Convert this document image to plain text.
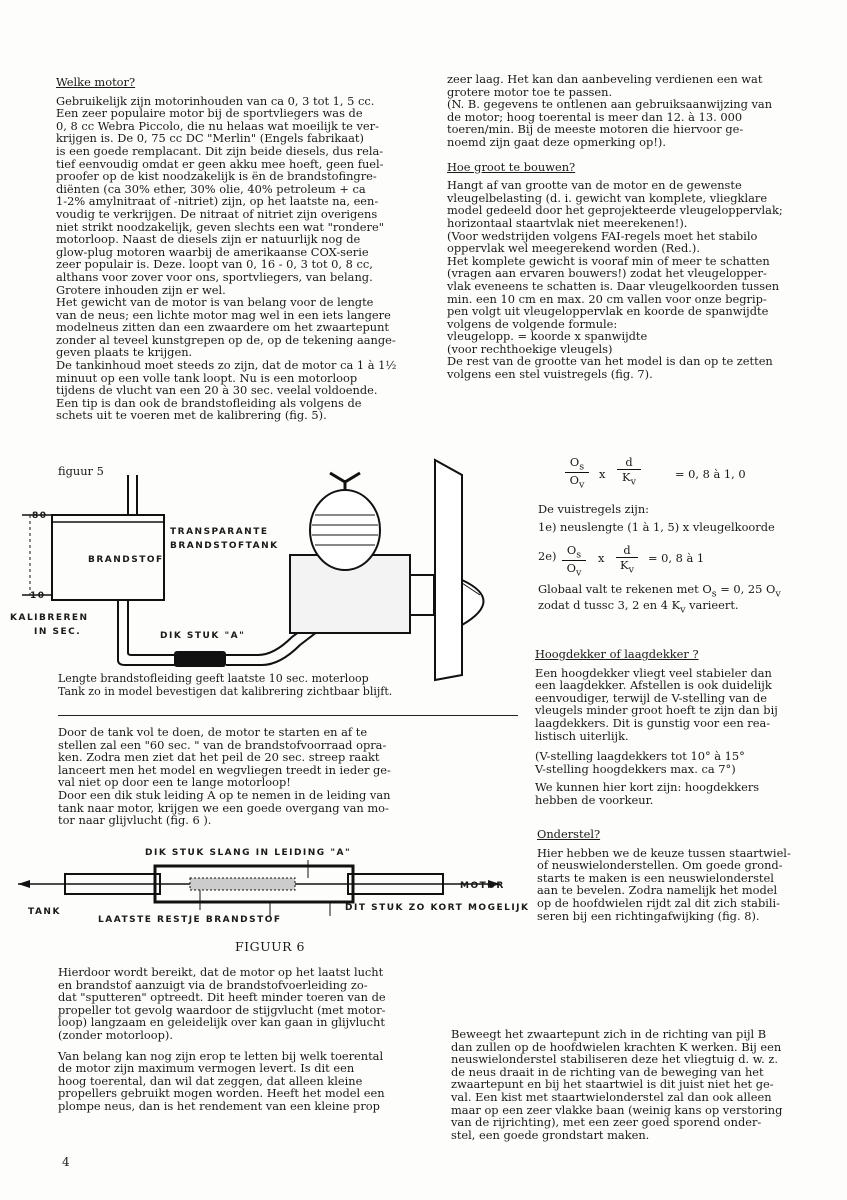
Welke motor?

Gebruikelijk zijn motorinhouden van ca 0, 3 tot 1, 5 cc.

Een zeer populaire motor bij de sportvliegers was de

0, 8 cc Webra Piccolo, die nu helaas wat moeilijk te ver-

krijgen is. De 0, 75 cc DC "Merlin" (Engels fabrikaat)

is een goede remplacant. Dit zijn beide diesels, dus rela-

tief eenvoudig omdat er geen akku mee hoeft, geen fuel-

proofer op de kist noodzakelijk is ën de brandstofingre-

diënten (ca 30% ether, 30% olie, 40% petroleum + ca

1-2% amylnitraat of -nitriet) zijn, op het laatste na, een-

voudig te verkrijgen. De nitraat of nitriet zijn overigens

niet strikt noodzakelijk, geven slechts een wat "rondere"

motorloop. Naast de diesels zijn er natuurlijk nog de

glow-plug motoren waarbij de amerikaanse COX-serie

zeer populair is. Deze. loopt van 0, 16 - 0, 3 tot 0, 8 cc,

althans voor zover voor ons, sportvliegers, van belang.

Grotere inhouden zijn er wel.

Het gewicht van de motor is van belang voor de lengte

van de neus; een lichte motor mag wel in een iets langere

modelneus zitten dan een zwaardere om het zwaartepunt

zonder al teveel kunstgrepen op de, op de tekening aange-

geven plaats te krijgen.

De tankinhoud moet steeds zo zijn, dat de motor ca 1 à 1½

minuut op een volle tank loopt. Nu is een motorloop

tijdens de vlucht van een 20 à 30 sec. veelal voldoende.

Een tip is dan ook de brandstofleiding als volgens de

schets uit te voeren met de kalibrering (fig. 5).

zeer laag. Het kan dan aanbeveling verdienen een wat

grotere motor toe te passen.

(N. B. gegevens te ontlenen aan gebruiksaanwijzing van

de motor; hoog toerental is meer dan 12. à 13. 000

toeren/min. Bij de meeste motoren die hiervoor ge-

noemd zijn gaat deze opmerking op!).

Hoe groot te bouwen?

Hangt af van grootte van de motor en de gewenste

vleugelbelasting (d. i. gewicht van komplete, vliegklare

model gedeeld door het geprojekteerde vleugeloppervlak;

horizontaal staartvlak niet meerekenen!).

(Voor wedstrijden volgens FAI-regels moet het stabilo

oppervlak wel meegerekend worden (Red.).

Het komplete gewicht is vooraf min of meer te schatten

(vragen aan ervaren bouwers!) zodat het vleugelopper-

vlak eveneens te schatten is. Daar vleugelkoorden tussen

min. een 10 cm en max. 20 cm vallen voor onze begrip-

pen volgt uit vleugeloppervlak en koorde de spanwijdte

volgens de volgende formule:

vleugelopp. = koorde x spanwijdte

(voor rechthoekige vleugels)

De rest van de grootte van het model is dan op te zetten

volgens een stel vuistregels (fig. 7).

figuur 5
80
10
BRANDSTOF
TRANSPARANTE
BRANDSTOFTANK
KALIBREREN
IN SEC.	DIK STUK "A"
Lengte brandstofleiding geeft laatste 10 sec. moterloop
Tank zo in model bevestigen dat kalibrering zichtbaar blijft.
$\frac{O_s}{O_v}$ x $\frac{d}{K_v}$	= 0, 8 à 1, 0
De vuistregels zijn:
1e) neuslengte (1 à 1, 5) x vleugelkoorde
$2e) \frac{O_s}{O_v}$ x $\frac{d}{K_v} = 0$, 8 à 1
Globaal valt te rekenen met $O_s = 0$, 25 $O_v$
zodat d tussc 3, 2 en 4 $K_v$ varieert.

Door de tank vol te doen, de motor te starten en af te

stellen zal een "60 sec. " van de brandstofvoorraad opra-

ken. Zodra men ziet dat het peil de 20 sec. streep raakt

lanceert men het model en wegvliegen treedt in ieder ge-

val niet op door een te lange motorloop!

Door een dik stuk leiding A op te nemen in de leiding van

tank naar motor, krijgen we een goede overgang van mo-

tor naar glijvlucht (fig. 6 ).

Hoogdekker of laagdekker ?

Een hoogdekker vliegt veel stabieler dan

een laagdekker. Afstellen is ook duidelijk

eenvoudiger, terwijl de V-stelling van de

vleugels minder groot hoeft te zijn dan bij

laagdekkers. Dit is gunstig voor een rea-

listisch uiterlijk.

(V-stelling laagdekkers tot 10° à 15°

V-stelling hoogdekkers max. ca 7°)

We kunnen hier kort zijn: hoogdekkers

hebben de voorkeur.

Onderstel?

Hier hebben we de keuze tussen staartwiel-

of neuswielonderstellen. Om goede grond-

starts te maken is een neuswielonderstel

aan te bevelen. Zodra namelijk het model

op de hoofdwielen rijdt zal dit zich stabili-

seren bij een richtingafwijking (fig. 8).

DIK STUK SLANG IN LEIDING "A"
MOTOR
TANK
LAATSTE RESTJE BRANDSTOF
DIT STUK ZO KORT MOGELIJK
FIGUUR 6

Hierdoor wordt bereikt, dat de motor op het laatst lucht

en brandstof aanzuigt via de brandstofvoerleiding zo-

dat "sputteren" optreedt. Dit heeft minder toeren van de

propeller tot gevolg waardoor de stijgvlucht (met motor-

loop) langzaam en geleidelijk over kan gaan in glijvlucht

(zonder motorloop).

Van belang kan nog zijn erop te letten bij welk toerental

de motor zijn maximum vermogen levert. Is dit een

hoog toerental, dan wil dat zeggen, dat alleen kleine

propellers gebruikt mogen worden. Heeft het model een

plompe neus, dan is het rendement van een kleine prop

Beweegt het zwaartepunt zich in de richting van pijl B

dan zullen op de hoofdwielen krachten K werken. Bij een

neuswielonderstel stabiliseren deze het vliegtuig d. w. z.

de neus draait in de richting van de beweging van het

zwaartepunt en bij het staartwiel is dit juist niet het ge-

val. Een kist met staartwielonderstel zal dan ook alleen

maar op een zeer vlakke baan (weinig kans op verstoring

van de rijrichting), met een zeer goed sporend onder-

stel, een goede grondstart maken.

4
